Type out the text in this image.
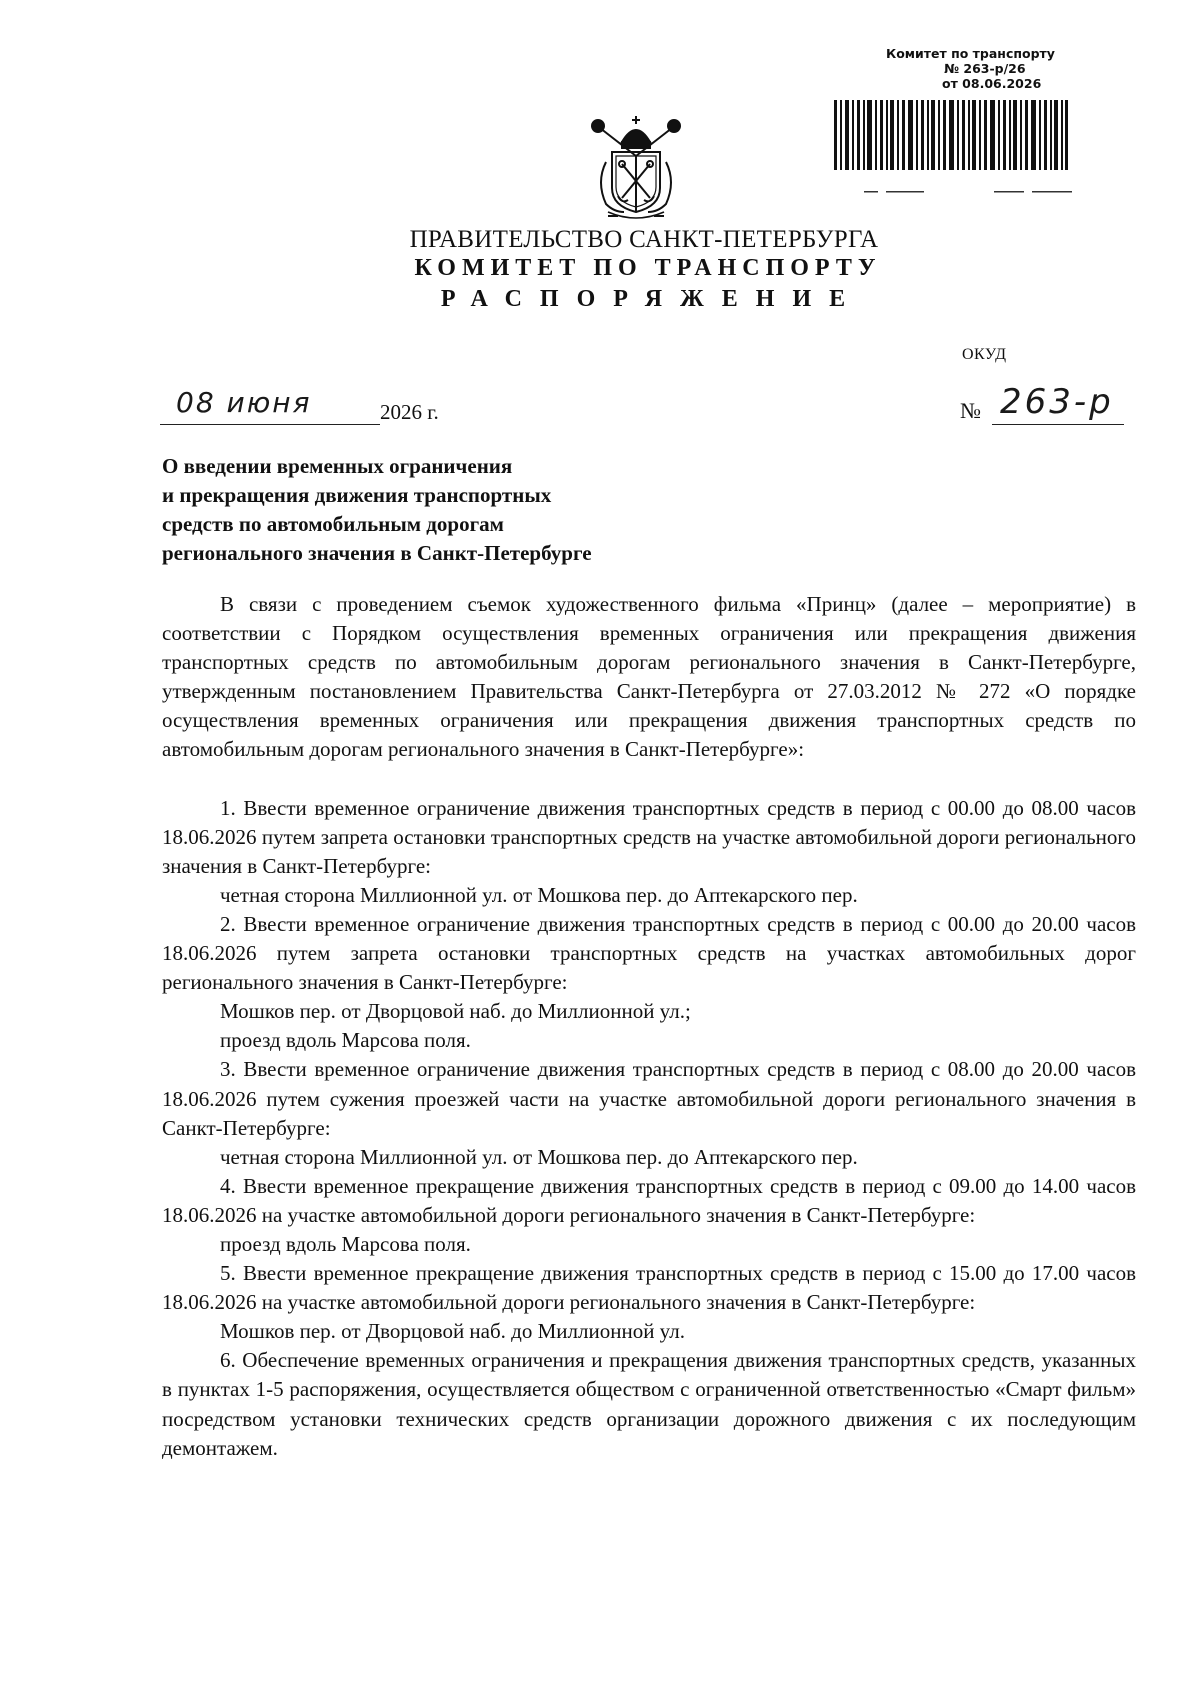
Комитет по транспорту
№ 263-р/26
от 08.06.2026
ПРАВИТЕЛЬСТВО САНКТ-ПЕТЕРБУРГА
КОМИТЕТ ПО ТРАНСПОРТУ
РАСПОРЯЖЕНИЕ
ОКУД
08 июня	2026 г.	№ 263-р
О введении временных ограничения
и прекращения движения транспортных
средств по автомобильным дорогам
регионального значения в Санкт-Петербурге

В связи с проведением съемок художественного фильма «Принц» (далее – мероприятие) в соответствии с Порядком осуществления временных ограничения или прекращения движения транспортных средств по автомобильным дорогам регионального значения в Санкт-Петербурге, утвержденным постановлением Правительства Санкт-Петербурга от 27.03.2012 № 272 «О порядке осуществления временных ограничения или прекращения движения транспортных средств по автомобильным дорогам регионального значения в Санкт-Петербурге»:

1. Ввести временное ограничение движения транспортных средств в период с 00.00 до 08.00 часов 18.06.2026 путем запрета остановки транспортных средств на участке автомобильной дороги регионального значения в Санкт-Петербурге:

четная сторона Миллионной ул. от Мошкова пер. до Аптекарского пер.

2. Ввести временное ограничение движения транспортных средств в период с 00.00 до 20.00 часов 18.06.2026 путем запрета остановки транспортных средств на участках автомобильных дорог регионального значения в Санкт-Петербурге:

Мошков пер. от Дворцовой наб. до Миллионной ул.;

проезд вдоль Марсова поля.

3. Ввести временное ограничение движения транспортных средств в период с 08.00 до 20.00 часов 18.06.2026 путем сужения проезжей части на участке автомобильной дороги регионального значения в Санкт-Петербурге:

четная сторона Миллионной ул. от Мошкова пер. до Аптекарского пер.

4. Ввести временное прекращение движения транспортных средств в период с 09.00 до 14.00 часов 18.06.2026 на участке автомобильной дороги регионального значения в Санкт-Петербурге:

проезд вдоль Марсова поля.

5. Ввести временное прекращение движения транспортных средств в период с 15.00 до 17.00 часов 18.06.2026 на участке автомобильной дороги регионального значения в Санкт-Петербурге:

Мошков пер. от Дворцовой наб. до Миллионной ул.

6. Обеспечение временных ограничения и прекращения движения транспортных средств, указанных в пунктах 1-5 распоряжения, осуществляется обществом с ограниченной ответственностью «Смарт фильм» посредством установки технических средств организации дорожного движения с их последующим демонтажем.
